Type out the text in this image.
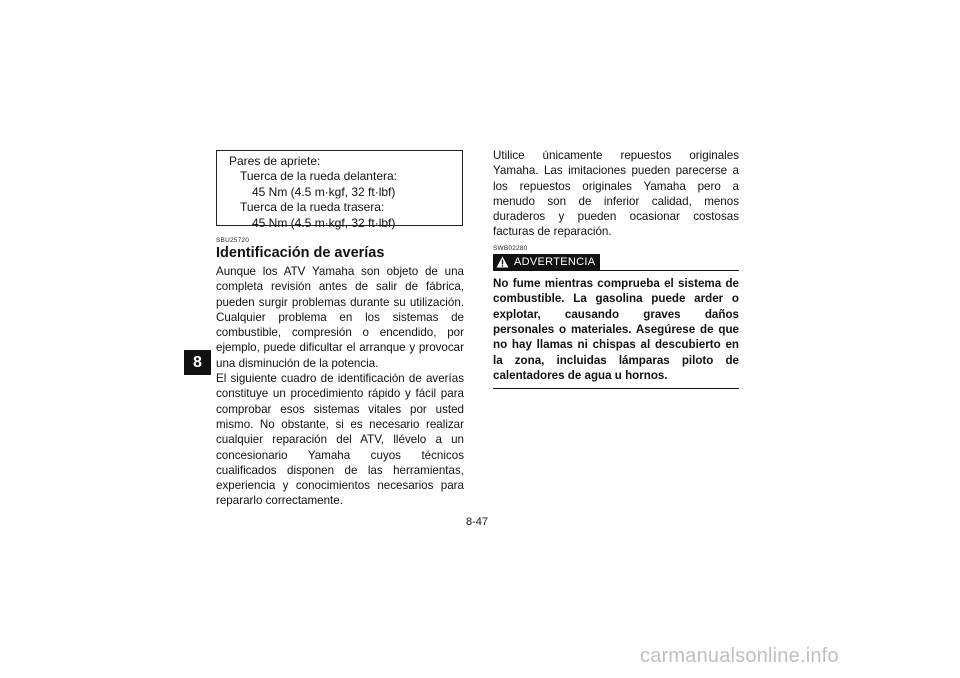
8
Pares de apriete:
Tuerca de la rueda delantera:
45 Nm (4.5 m·kgf, 32 ft·lbf)
Tuerca de la rueda trasera:
45 Nm (4.5 m·kgf, 32 ft·lbf)
SBU25720
Identificación de averías

Aunque los ATV Yamaha son objeto de una completa revisión antes de salir de fábrica, pueden surgir problemas durante su utilización. Cualquier problema en los sistemas de combustible, compresión o encendido, por ejemplo, puede dificultar el arranque y provocar una disminución de la potencia.

El siguiente cuadro de identificación de averías constituye un procedimiento rápido y fácil para comprobar esos sistemas vitales por usted mismo. No obstante, si es necesario realizar cualquier reparación del ATV, llévelo a un concesionario Yamaha cuyos técnicos cualificados disponen de las herramientas, experiencia y conocimientos necesarios para repararlo correctamente.

Utilice únicamente repuestos originales Yamaha. Las imitaciones pueden parecerse a los repuestos originales Yamaha pero a menudo son de inferior calidad, menos duraderos y pueden ocasionar costosas facturas de reparación.

SWB02280
ADVERTENCIA

No fume mientras comprueba el sistema de combustible. La gasolina puede arder o explotar, causando graves daños personales o materiales. Asegúrese de que no hay llamas ni chispas al descubierto en la zona, incluidas lámparas piloto de calentadores de agua u hornos.

8-47
carmanualsonline.info
